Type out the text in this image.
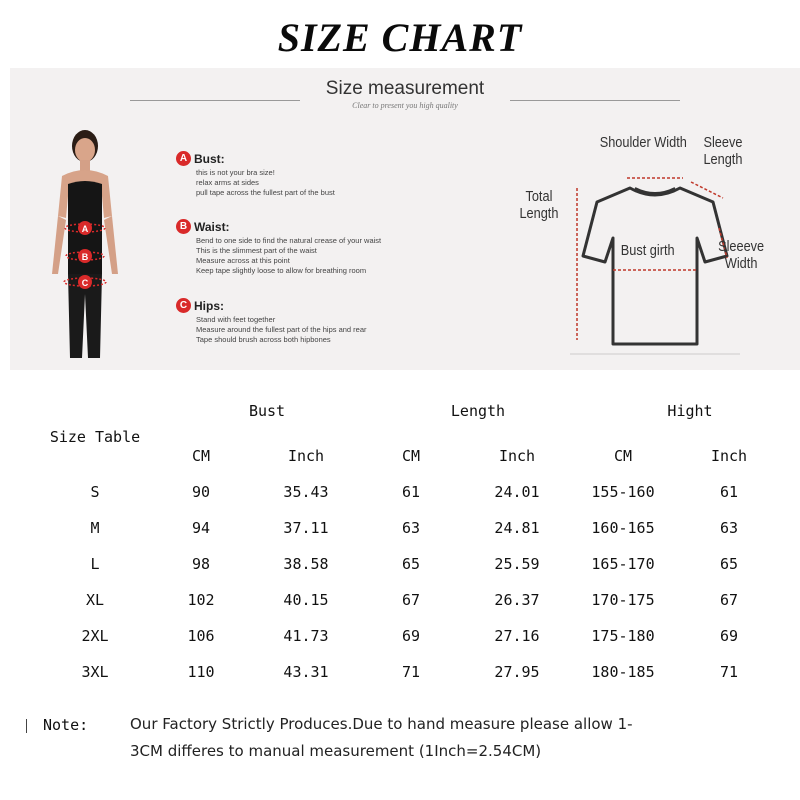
SIZE CHART
Size measurement
Clear to present you high quality
A
B
C
A Bust:
this is not your bra size!
relax arms at sides
pull tape across the fullest part of the bust
B Waist:
Bend to one side to find the natural crease of your waist
This is the slimmest part of the waist
Measure across at this point
Keep tape slightly loose to allow for breathing room
C Hips:
Stand with feet together
Measure around the fullest part of the hips and rear
Tape should brush across both hipbones
Shoulder Width Sleeve
Length
Total
Length
Bust girth	Sleeeve
Width
Size Table	Bust		Length		Hight	
	CM	Inch	CM	Inch	CM	Inch
S	90	35.43	61	24.01	155-160	61
M	94	37.11	63	24.81	160-165	63
L	98	38.58	65	25.59	165-170	65
XL	102	40.15	67	26.37	170-175	67
2XL	106	41.73	69	27.16	175-180	69
3XL	110	43.31	71	27.95	180-185	71
Note:	Our Factory Strictly Produces.Due to hand measure please allow 1-
3CM differes to manual measurement (1Inch=2.54CM)
